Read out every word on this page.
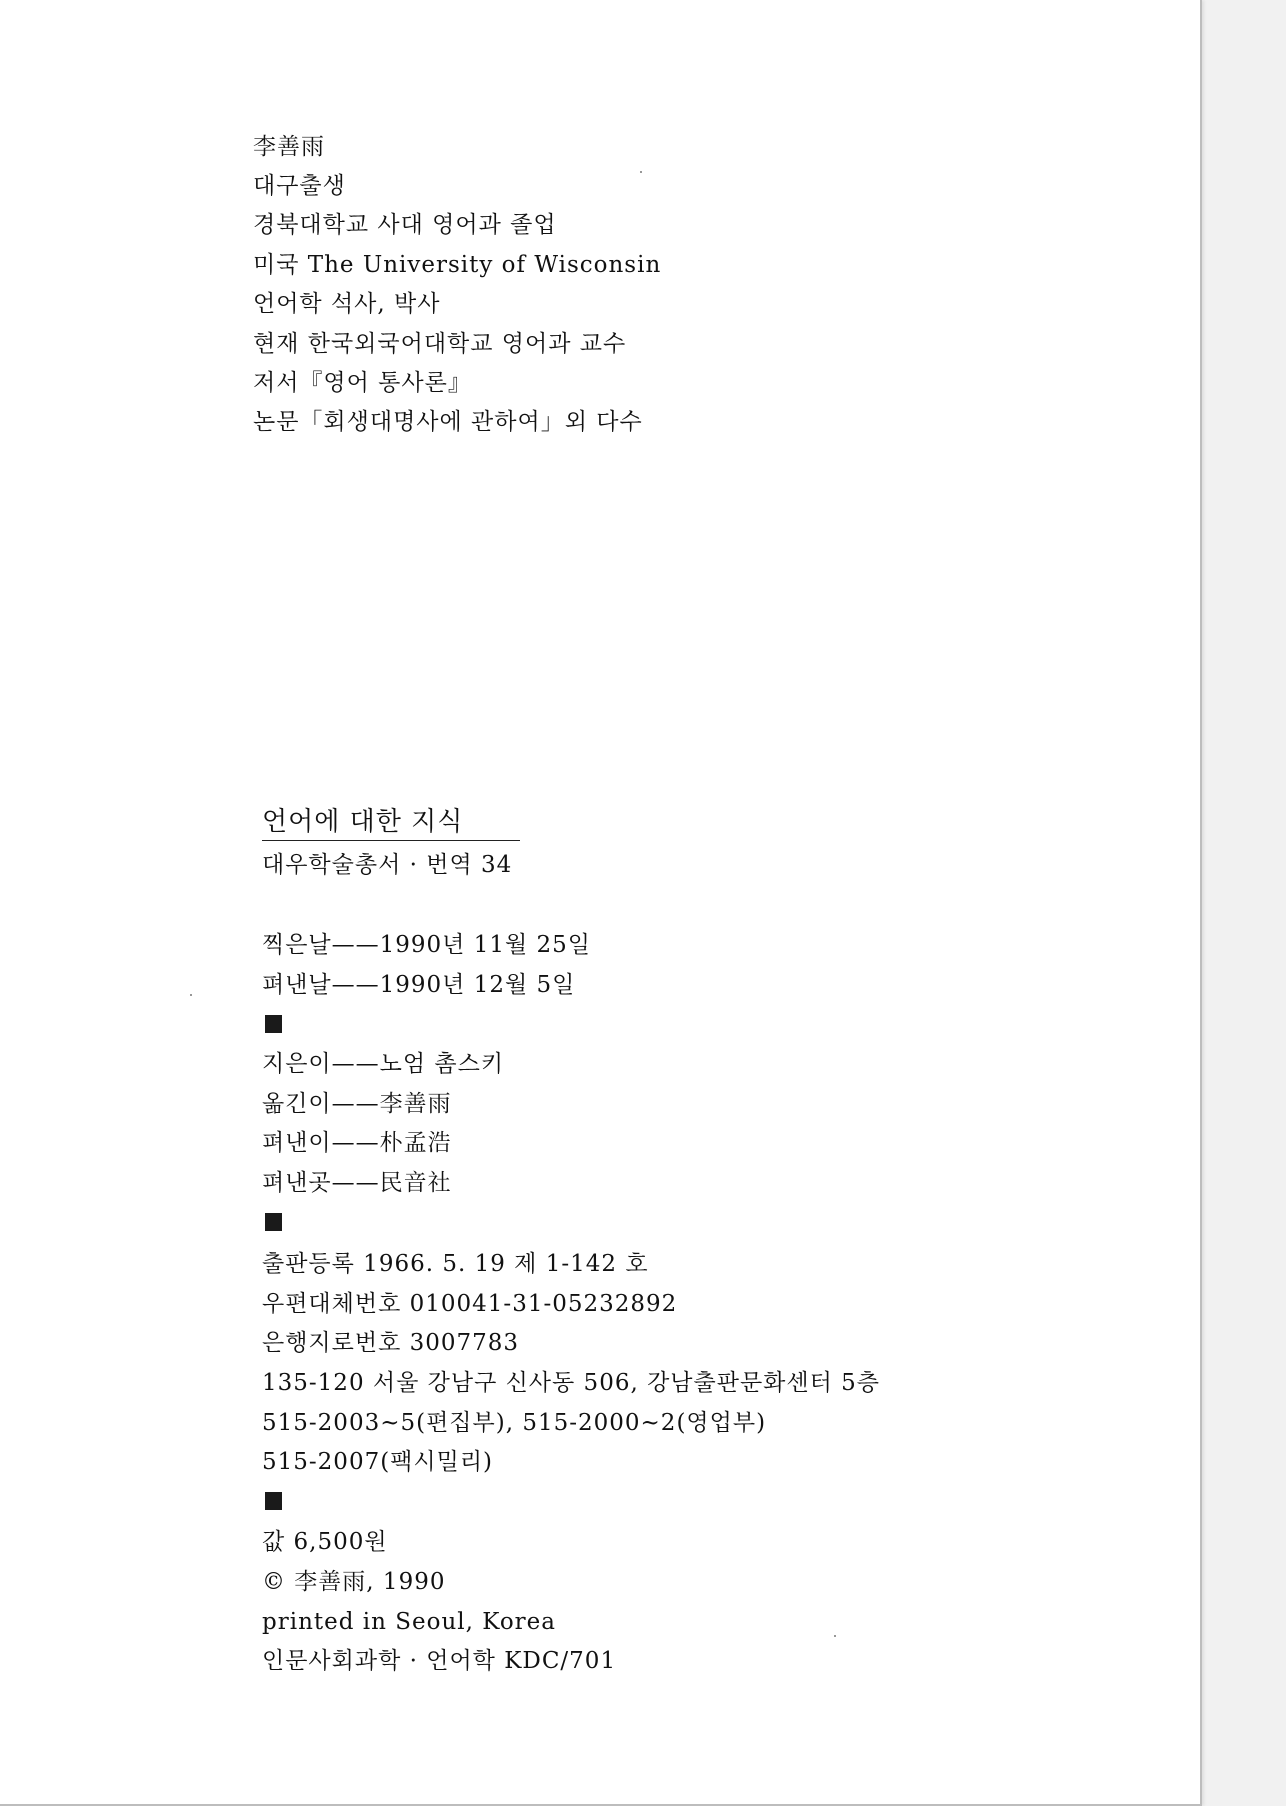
李善雨
대구출생
경북대학교 사대 영어과 졸업
미국 The University of Wisconsin
언어학 석사, 박사
현재 한국외국어대학교 영어과 교수
저서『영어 통사론』
논문「회생대명사에 관하여」외 다수
언어에 대한 지식
대우학술총서 · 번역 34
찍은날——1990년 11월 25일
펴낸날——1990년 12월 5일
지은이——노엄 촘스키
옮긴이——李善雨
펴낸이——朴孟浩
펴낸곳——民音社
출판등록 1966. 5. 19 제 1-142 호
우편대체번호 010041-31-05232892
은행지로번호 3007783
135-120 서울 강남구 신사동 506, 강남출판문화센터 5층
515-2003~5(편집부), 515-2000~2(영업부)
515-2007(팩시밀리)
값 6,500원
© 李善雨, 1990
printed in Seoul, Korea
인문사회과학 · 언어학 KDC/701
